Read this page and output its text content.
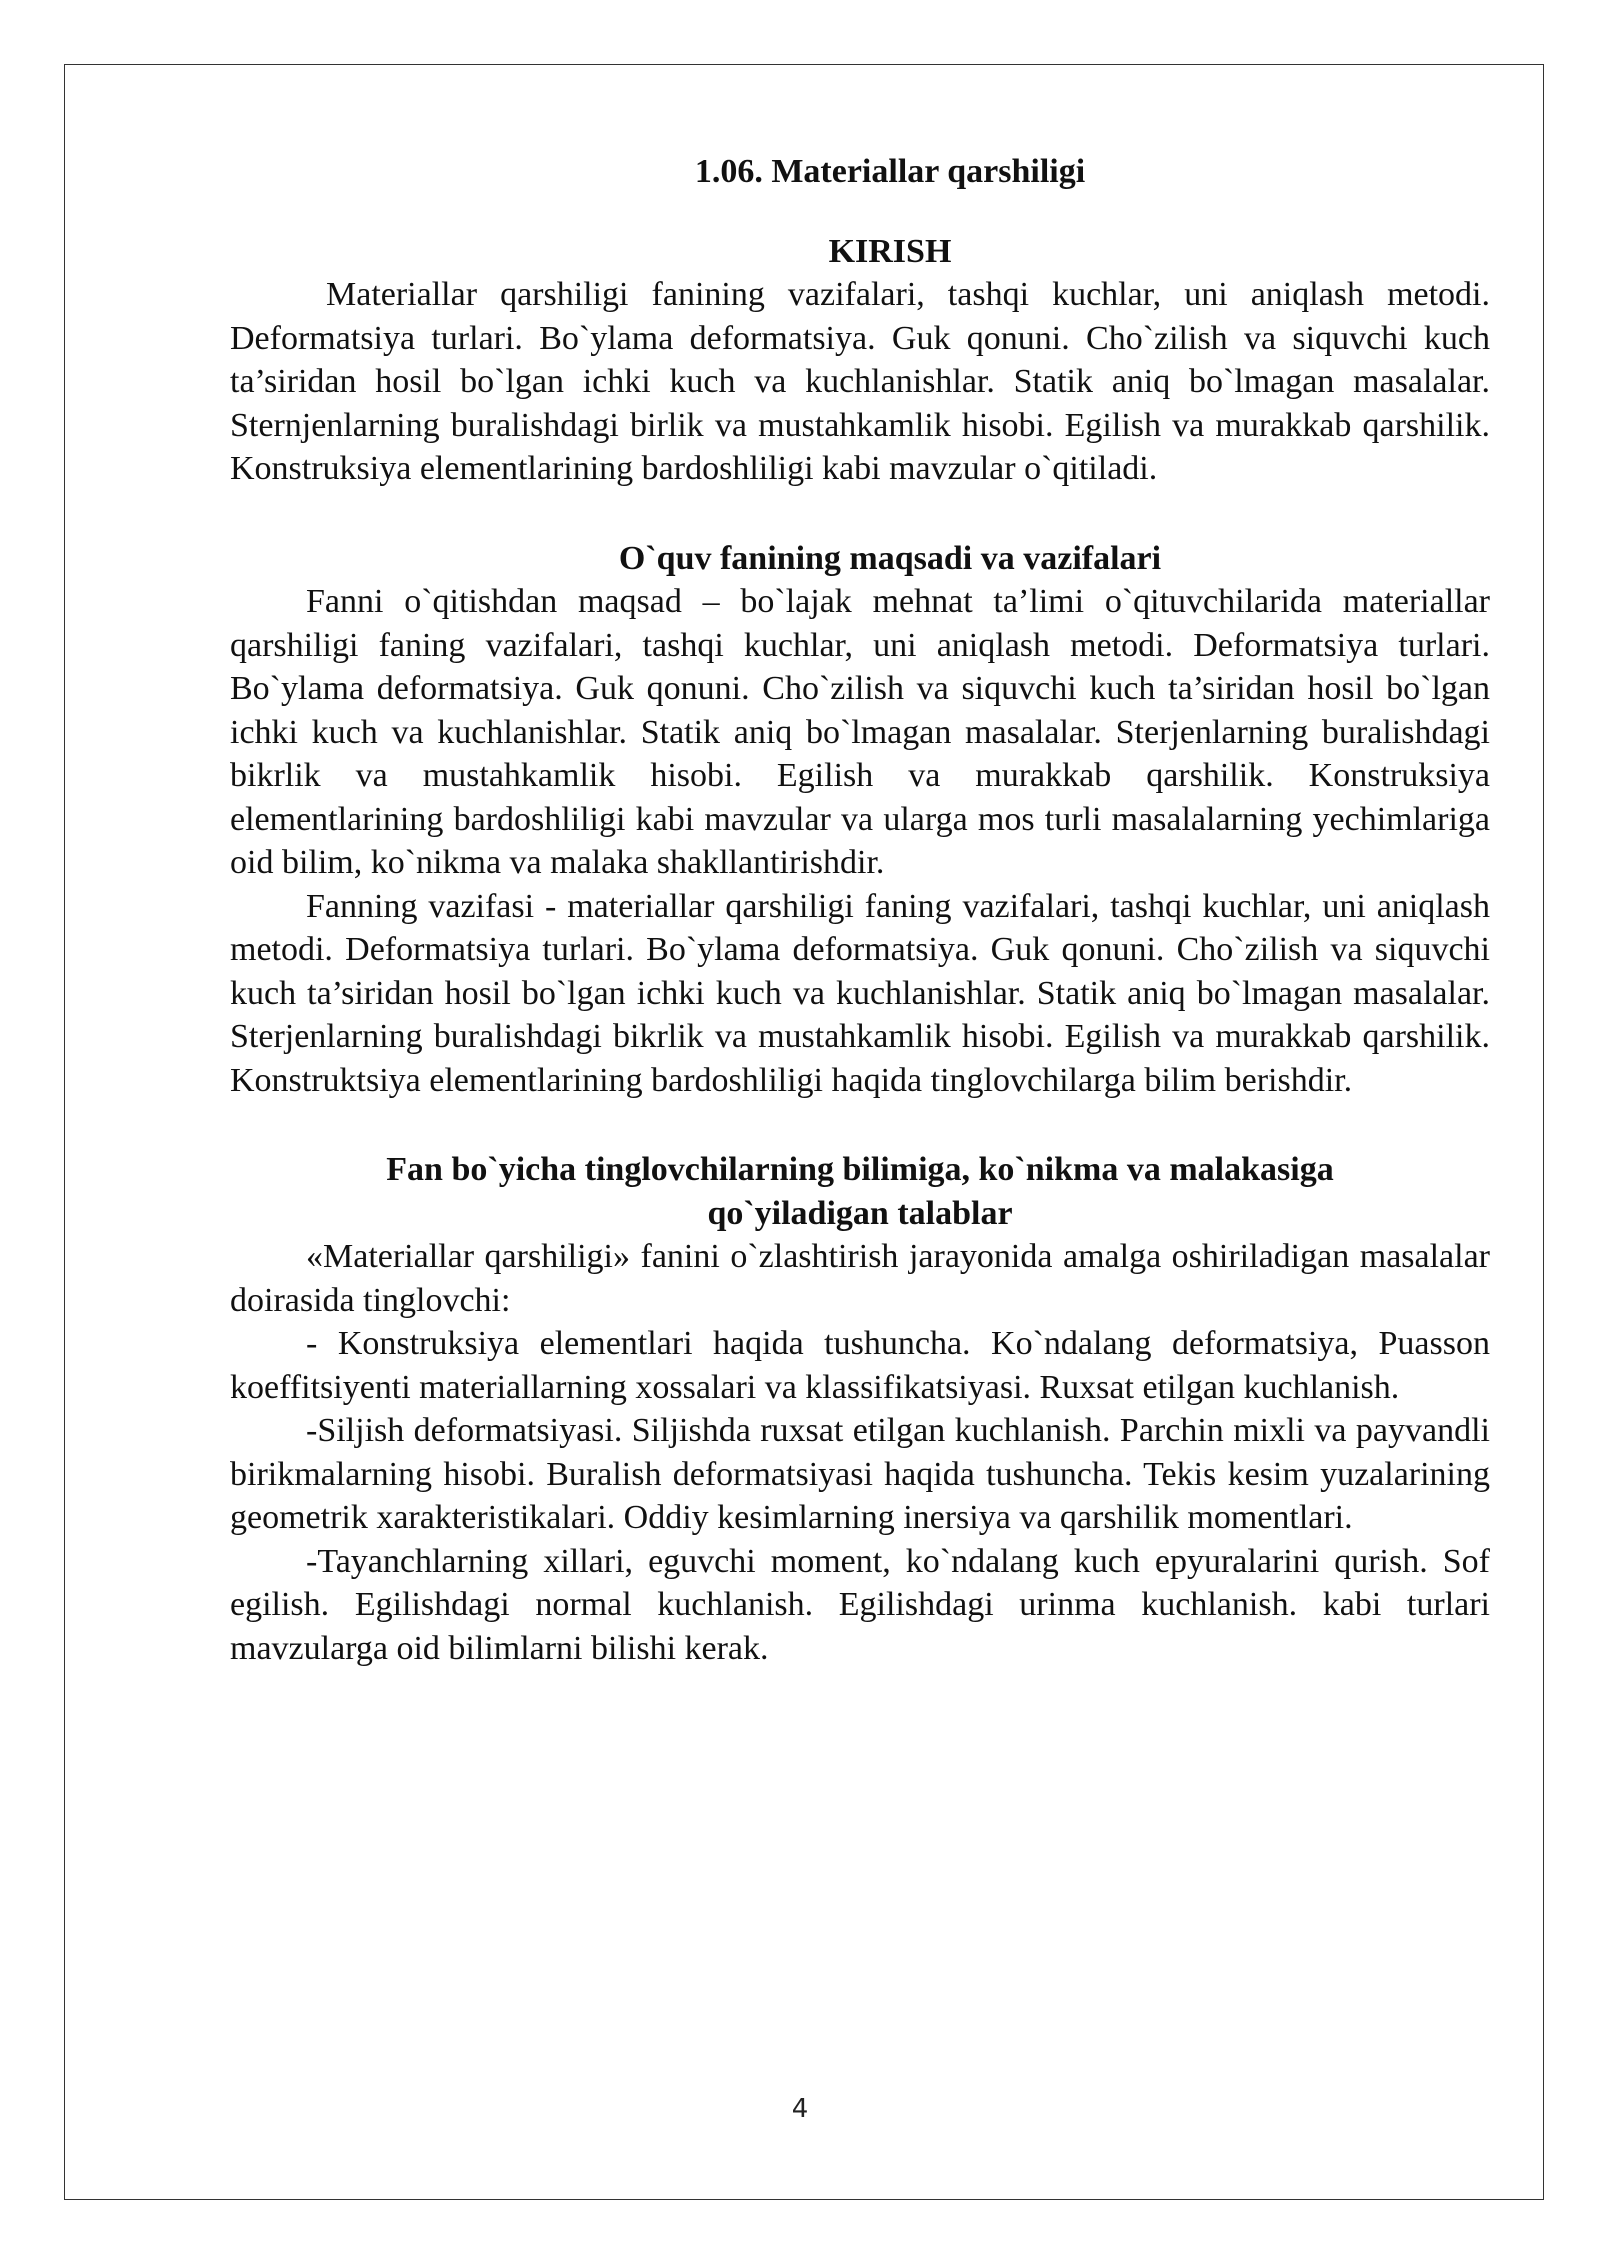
1.06. Materiallar qarshiligi

KIRISH

Materiallar qarshiligi fanining vazifalari, tashqi kuchlar, uni aniqlash metodi. Deformatsiya turlari. Bo`ylama deformatsiya. Guk qonuni. Cho`zilish va siquvchi kuch ta’siridan hosil bo`lgan ichki kuch va kuchlanishlar. Statik aniq bo`lmagan masalalar. Sternjenlarning buralishdagi birlik va mustahkamlik hisobi. Egilish va murakkab qarshilik. Konstruksiya elementlarining bardoshliligi kabi mavzular o`qitiladi.

O`quv fanining maqsadi va vazifalari

Fanni o`qitishdan maqsad – bo`lajak mehnat ta’limi o`qituvchilarida materiallar qarshiligi faning vazifalari, tashqi kuchlar, uni aniqlash metodi. Deformatsiya turlari. Bo`ylama deformatsiya. Guk qonuni. Cho`zilish va siquvchi kuch ta’siridan hosil bo`lgan ichki kuch va kuchlanishlar. Statik aniq bo`lmagan masalalar. Sterjenlarning buralishdagi bikrlik va mustahkamlik hisobi. Egilish va murakkab qarshilik. Konstruksiya elementlarining bardoshliligi kabi mavzular va ularga mos turli masalalarning yechimlariga oid bilim, ko`nikma va malaka shakllantirishdir.

Fanning vazifasi - materiallar qarshiligi faning vazifalari, tashqi kuchlar, uni aniqlash metodi. Deformatsiya turlari. Bo`ylama deformatsiya. Guk qonuni. Cho`zilish va siquvchi kuch ta’siridan hosil bo`lgan ichki kuch va kuchlanishlar. Statik aniq bo`lmagan masalalar. Sterjenlarning buralishdagi bikrlik va mustahkamlik hisobi. Egilish va murakkab qarshilik. Konstruktsiya elementlarining bardoshliligi haqida tinglovchilarga bilim berishdir.

Fan bo`yicha tinglovchilarning bilimiga, ko`nikma va malakasiga

qo`yiladigan talablar

«Materiallar qarshiligi» fanini o`zlashtirish jarayonida amalga oshiriladigan masalalar doirasida tinglovchi:

- Konstruksiya elementlari haqida tushuncha. Ko`ndalang deformatsiya, Puasson koeffitsiyenti materiallarning xossalari va klassifikatsiyasi. Ruxsat etilgan kuchlanish.

-Siljish deformatsiyasi. Siljishda ruxsat etilgan kuchlanish. Parchin mixli va payvandli birikmalarning hisobi. Buralish deformatsiyasi haqida tushuncha. Tekis kesim yuzalarining geometrik xarakteristikalari. Oddiy kesimlarning inersiya va qarshilik momentlari.

-Tayanchlarning xillari, eguvchi moment, ko`ndalang kuch epyuralarini qurish. Sof egilish. Egilishdagi normal kuchlanish. Egilishdagi urinma kuchlanish. kabi turlari mavzularga oid bilimlarni bilishi kerak.

4
